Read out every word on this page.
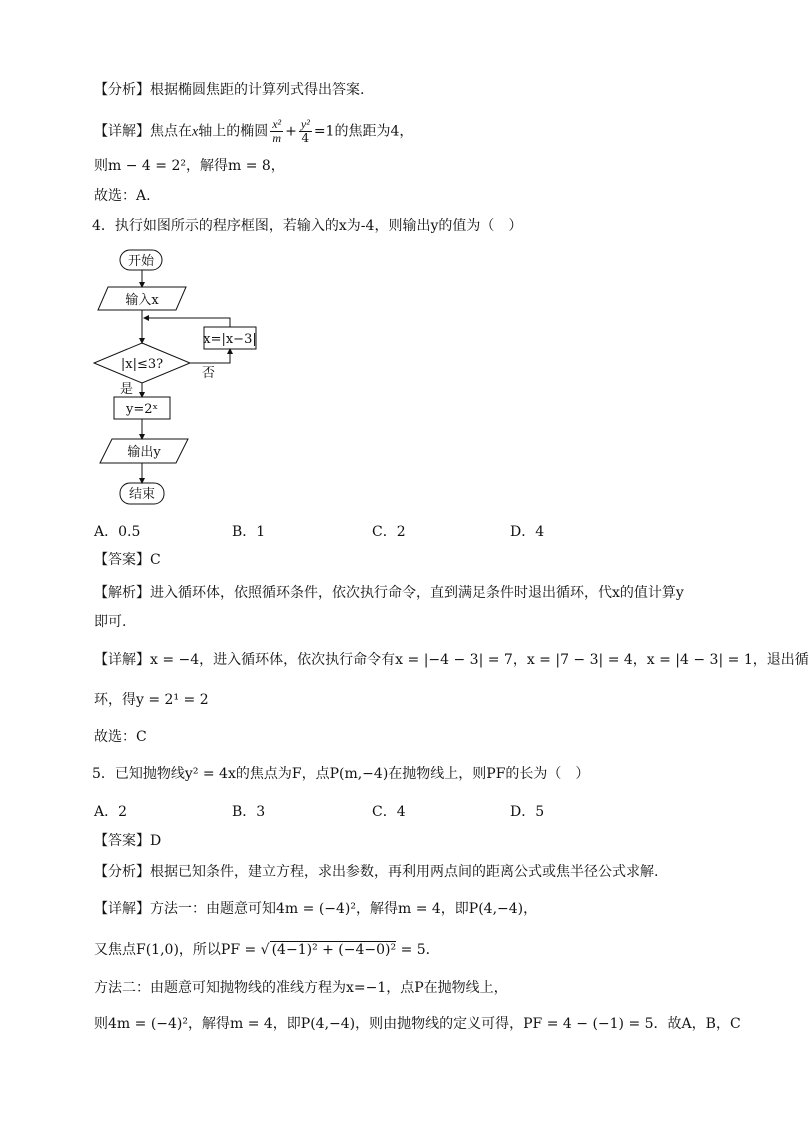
【分析】根据椭圆焦距的计算列式得出答案.
【详解】焦点在x轴上的椭圆 $\frac{\text{x²}}{m} + \frac{\text{y²}}{4} =1$的焦距为4，
则m − 4 = 2²，解得m = 8，
故选：A.
4．执行如图所示的程序框图，若输入的x为-4，则输出y的值为（　）
开始
输入x
x=|x−3|
|x|≤3?
否
是
y=2ˣ
输出y
结束
A．0.5	B．1	C．2	D．4
【答案】C
【解析】进入循环体，依照循环条件，依次执行命令，直到满足条件时退出循环，代x的值计算y
即可.
【详解】x = −4，进入循环体，依次执行命令有x = |−4 − 3| = 7，x = |7 − 3| = 4，x = |4 − 3| = 1，退出循
环，得y = 2¹ = 2
故选：C
5．已知抛物线y² = 4x的焦点为F，点P(m,−4)在抛物线上，则PF的长为（　）
A．2	B．3	C．4	D．5
【答案】D
【分析】根据已知条件，建立方程，求出参数，再利用两点间的距离公式或焦半径公式求解.
【详解】方法一：由题意可知4m = (−4)²，解得m = 4，即P(4,−4)，
又焦点F(1,0)，所以PF = √ (4−1)² + (−4−0)² = 5．
方法二：由题意可知抛物线的准线方程为x=−1，点P在抛物线上，
则4m = (−4)²，解得m = 4，即P(4,−4)，则由抛物线的定义可得，PF = 4 − (−1) = 5．故A，B，C
